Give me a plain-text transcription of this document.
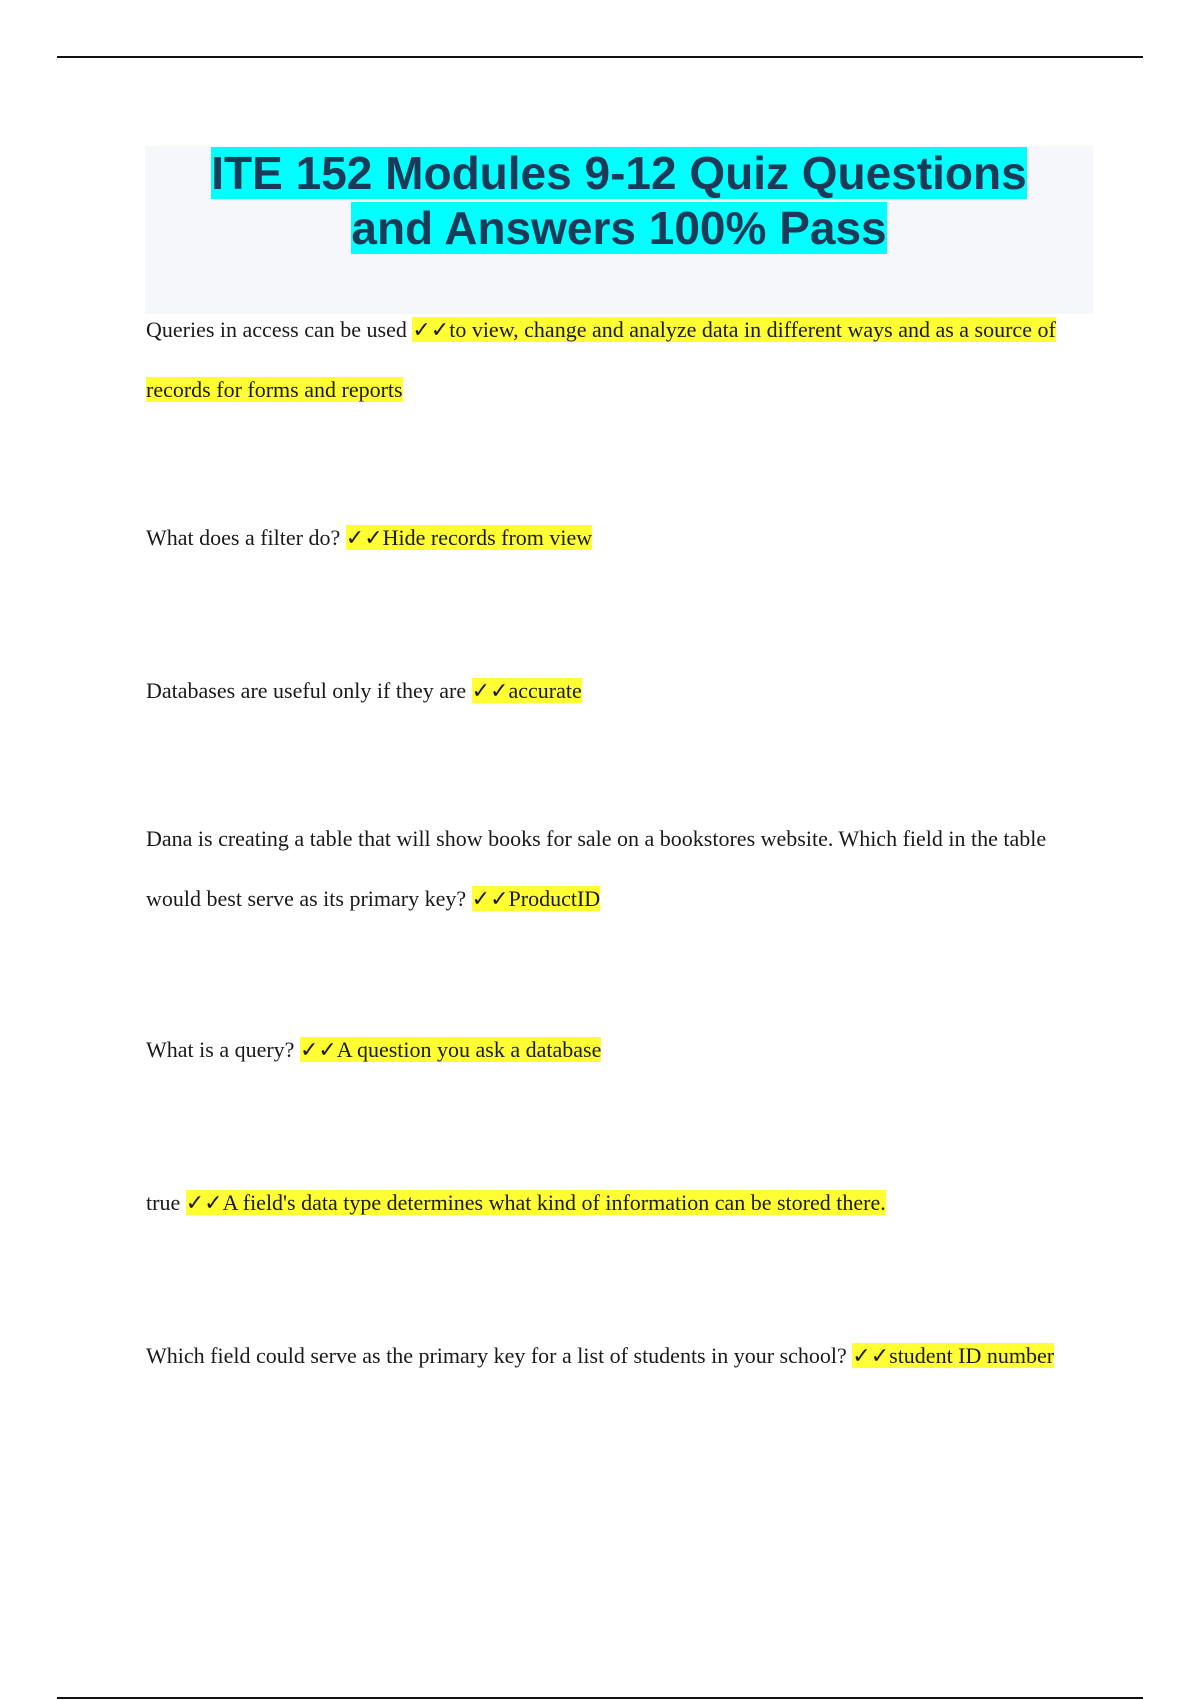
ITE 152 Modules 9-12 Quiz Questions
and Answers 100% Pass

Queries in access can be used ✓✓to view, change and analyze data in different ways and as a source of records for forms and reports

What does a filter do? ✓✓Hide records from view

Databases are useful only if they are ✓✓accurate

Dana is creating a table that will show books for sale on a bookstores website. Which field in the table would best serve as its primary key? ✓✓ProductID

What is a query? ✓✓A question you ask a database

true ✓✓A field's data type determines what kind of information can be stored there.

Which field could serve as the primary key for a list of students in your school? ✓✓student ID number
